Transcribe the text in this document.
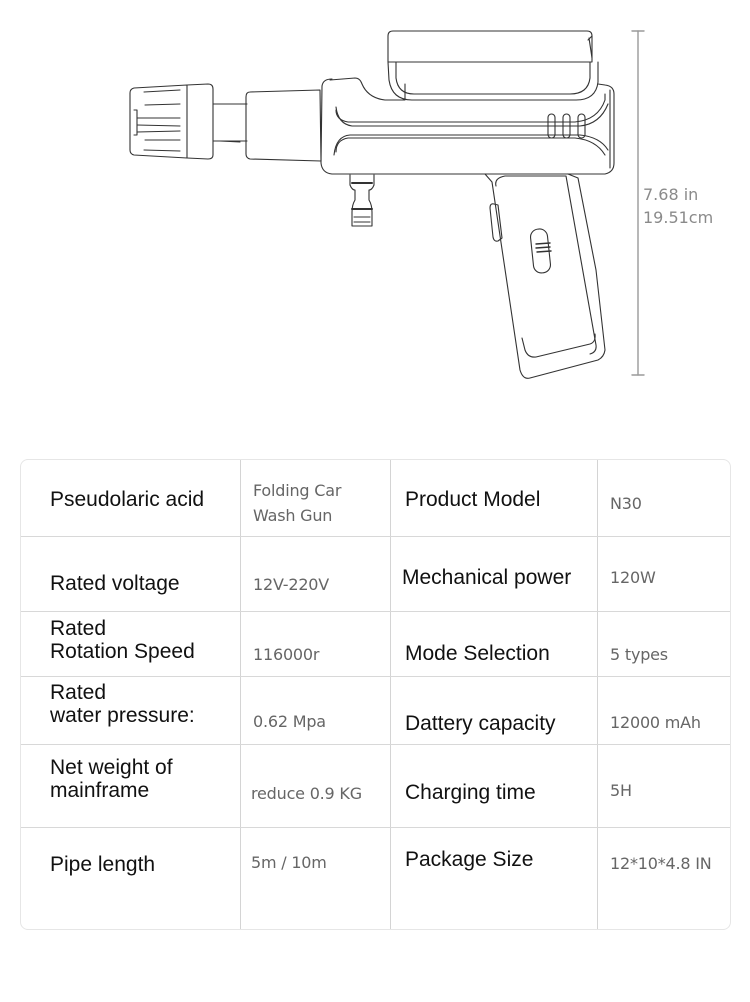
7.68 in
19.51cm
Pseudolaric acid	Folding Car
Wash Gun
Product Model	N30
Rated voltage	12V-220V	Mechanical power 120W
Rated
Rotation Speed	116000r	Mode Selection	5 types
Rated
water pressure:	0.62 Mpa	Dattery capacity	12000 mAh
Net weight of
mainframe	reduce 0.9 KG Charging time	5H
Pipe length	5m / 10m	Package Size	12*10*4.8 IN
